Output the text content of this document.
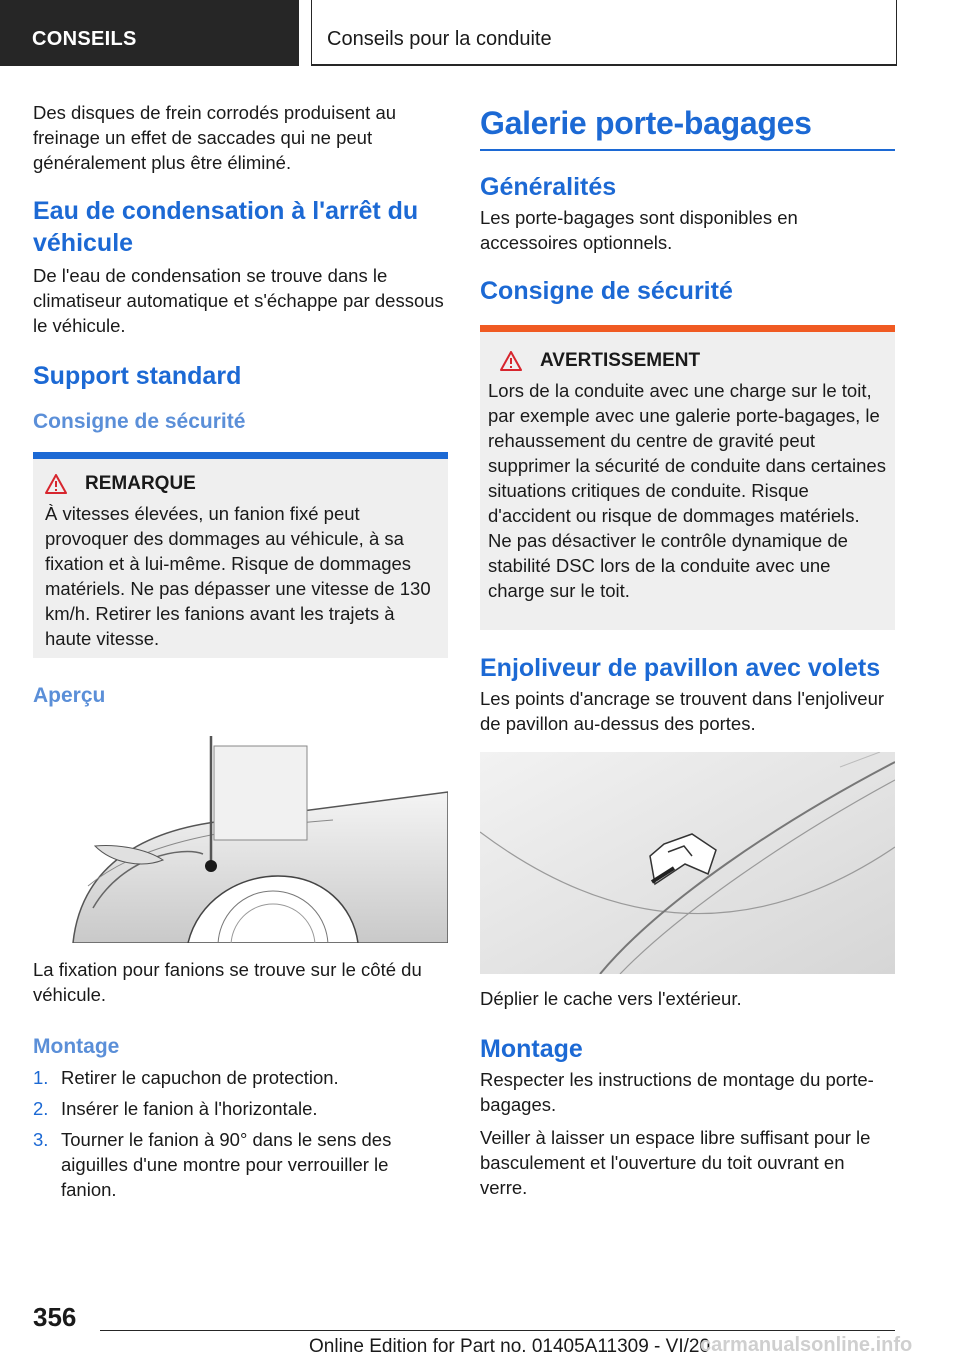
CONSEILS	Conseils pour la conduite

Des disques de frein corrodés produisent au freinage un effet de saccades qui ne peut généralement plus être éliminé.

Eau de condensation à l'arrêt du véhicule

De l'eau de condensation se trouve dans le climatiseur automatique et s'échappe par dessous le véhicule.

Support standard
Consigne de sécurité
REMARQUE

À vitesses élevées, un fanion fixé peut provoquer des dommages au véhicule, à sa fixation et à lui-même. Risque de dommages matériels. Ne pas dépasser une vitesse de 130 km/h. Retirer les fanions avant les trajets à haute vitesse.

Aperçu

La fixation pour fanions se trouve sur le côté du véhicule.

Montage
1. Retirer le capuchon de protection.
2. Insérer le fanion à l'horizontale.
3. Tourner le fanion à 90° dans le sens des aiguilles d'une montre pour verrouiller le fanion.
Galerie porte-bagages
Généralités

Les porte-bagages sont disponibles en accessoires optionnels.

Consigne de sécurité
AVERTISSEMENT

Lors de la conduite avec une charge sur le toit, par exemple avec une galerie porte-bagages, le rehaussement du centre de gravité peut supprimer la sécurité de conduite dans certaines situations critiques de conduite. Risque d'accident ou risque de dommages matériels. Ne pas désactiver le contrôle dynamique de stabilité DSC lors de la conduite avec une charge sur le toit.

Enjoliveur de pavillon avec volets

Les points d'ancrage se trouvent dans l'enjoliveur de pavillon au-dessus des portes.

Déplier le cache vers l'extérieur.

Montage

Respecter les instructions de montage du porte-bagages.

Veiller à laisser un espace libre suffisant pour le basculement et l'ouverture du toit ouvrant en verre.

356
Online Edition for Part no. 01405A11309 - VI/20
carmanualsonline.info
